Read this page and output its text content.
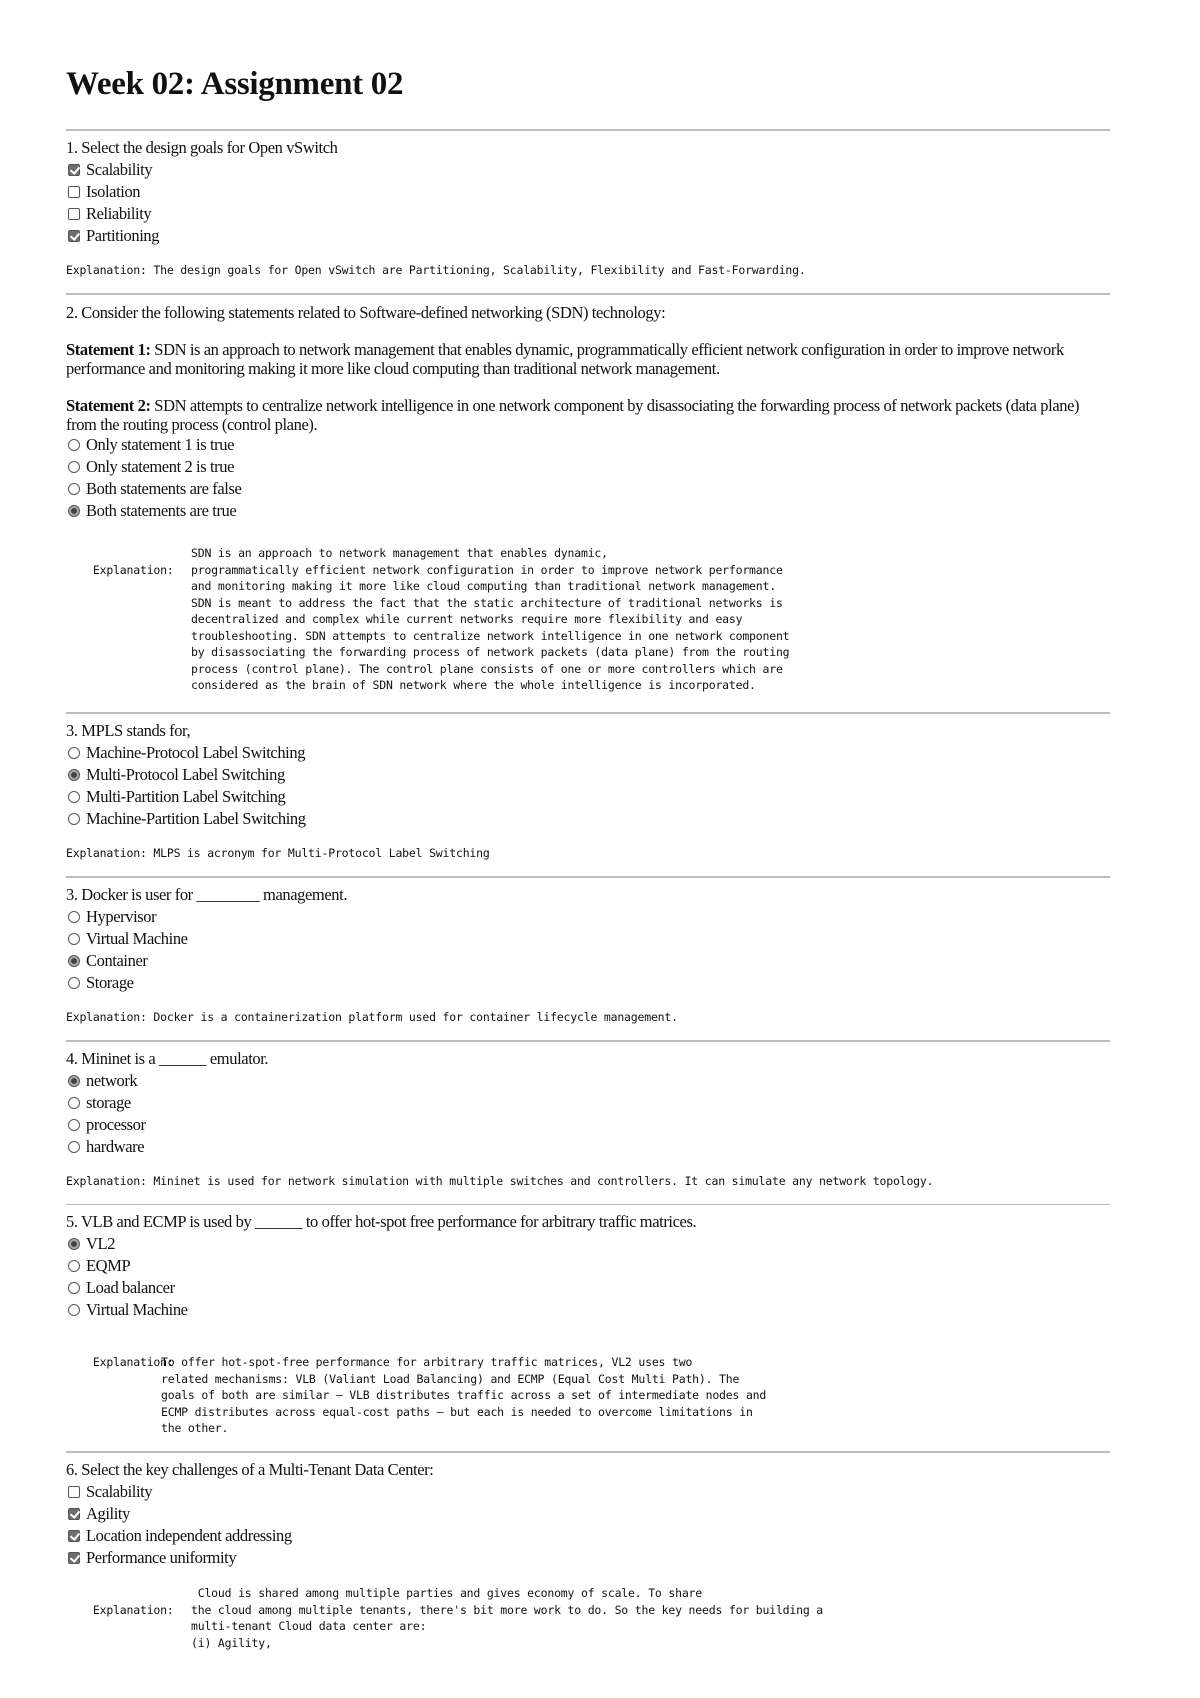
Week 02: Assignment 02

1. Select the design goals for Open vSwitch

Scalability
Isolation
Reliability
Partitioning
Explanation: The design goals for Open vSwitch are Partitioning, Scalability, Flexibility and Fast-Forwarding.

2. Consider the following statements related to Software-defined networking (SDN) technology:

Statement 1: SDN is an approach to network management that enables dynamic, programmatically efficient network configuration in order to improve network performance and monitoring making it more like cloud computing than traditional network management.

Statement 2: SDN attempts to centralize network intelligence in one network component by disassociating the forwarding process of network packets (data plane) from the routing process (control plane).

Only statement 1 is true
Only statement 2 is true
Both statements are false
Both statements are true

Explanation:

SDN is an approach to network management that enables dynamic,
programmatically efficient network configuration in order to improve network performance
and monitoring making it more like cloud computing than traditional network management.
SDN is meant to address the fact that the static architecture of traditional networks is
decentralized and complex while current networks require more flexibility and easy
troubleshooting. SDN attempts to centralize network intelligence in one network component
by disassociating the forwarding process of network packets (data plane) from the routing
process (control plane). The control plane consists of one or more controllers which are
considered as the brain of SDN network where the whole intelligence is incorporated.

3. MPLS stands for,

Machine-Protocol Label Switching
Multi-Protocol Label Switching
Multi-Partition Label Switching
Machine-Partition Label Switching
Explanation: MLPS is acronym for Multi-Protocol Label Switching

3. Docker is user for ________ management.

Hypervisor
Virtual Machine
Container
Storage
Explanation: Docker is a containerization platform used for container lifecycle management.

4. Mininet is a ______ emulator.

network
storage
processor
hardware
Explanation: Mininet is used for network simulation with multiple switches and controllers. It can simulate any network topology.

5. VLB and ECMP is used by ______ to offer hot-spot free performance for arbitrary traffic matrices.

VL2
EQMP
Load balancer
Virtual Machine

Explanation:

To offer hot-spot-free performance for arbitrary traffic matrices, VL2 uses two
related mechanisms: VLB (Valiant Load Balancing) and ECMP (Equal Cost Multi Path). The
goals of both are similar – VLB distributes traffic across a set of intermediate nodes and
ECMP distributes across equal-cost paths – but each is needed to overcome limitations in
the other.

6. Select the key challenges of a Multi-Tenant Data Center:

Scalability
Agility
Location independent addressing
Performance uniformity

Explanation:

Cloud is shared among multiple parties and gives economy of scale. To share
the cloud among multiple tenants, there's bit more work to do. So the key needs for building a
multi-tenant Cloud data center are:
(i) Agility,
